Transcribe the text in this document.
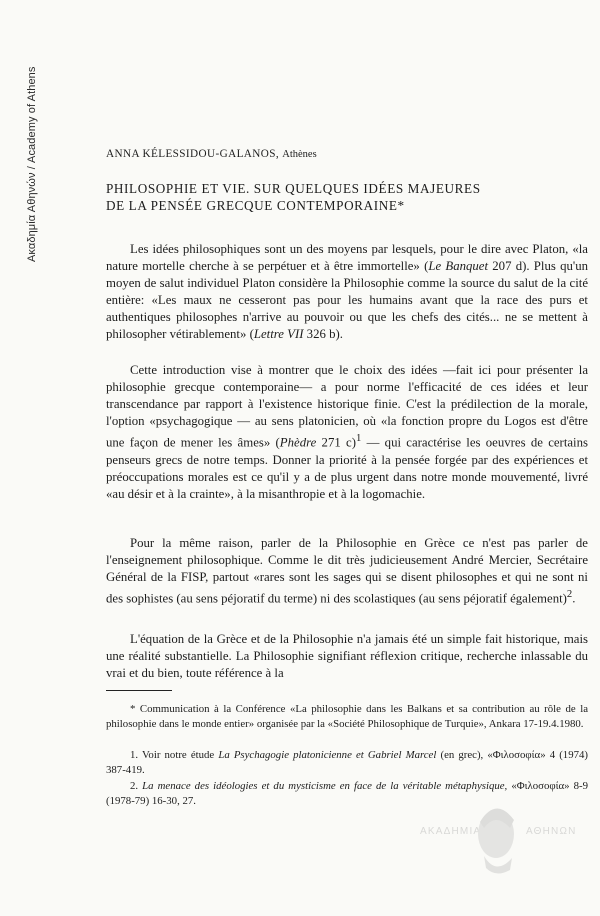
Ακαδημία Αθηνών / Academy of Athens	ANNA KÉLESSIDOU-GALANOS, Athènes
PHILOSOPHIE ET VIE. SUR QUELQUES IDÉES MAJEURES
DE LA PENSÉE GRECQUE CONTEMPORAINE*

Les idées philosophiques sont un des moyens par lesquels, pour le dire avec Platon, «la nature mortelle cherche à se perpétuer et à être immortelle» (Le Banquet 207 d). Plus qu'un moyen de salut individuel Platon considère la Philosophie comme la source du salut de la cité entière: «Les maux ne cesseront pas pour les humains avant que la race des purs et authentiques philosophes n'arrive au pouvoir ou que les chefs des cités... ne se mettent à philosopher vétirablement» (Lettre VII 326 b).

Cette introduction vise à montrer que le choix des idées —fait ici pour présenter la philosophie grecque contemporaine— a pour norme l'efficacité de ces idées et leur transcendance par rapport à l'existence historique finie. C'est la prédilection de la morale, l'option «psychagogique — au sens platonicien, où «la fonction propre du Logos est d'être une façon de mener les âmes» (Phèdre 271 c)$^1$ — qui caractérise les oeuvres de certains penseurs grecs de notre temps. Donner la priorité à la pensée forgée par des expériences et préoccupations morales est ce qu'il y a de plus urgent dans notre monde mouvementé, livré «au désir et à la crainte», à la misanthropie et à la logomachie.

Pour la même raison, parler de la Philosophie en Grèce ce n'est pas parler de l'enseignement philosophique. Comme le dit très judicieusement André Mercier, Secrétaire Général de la FISP, partout «rares sont les sages qui se disent philosophes et qui ne sont ni des sophistes (au sens péjoratif du terme) ni des scolastiques (au sens péjoratif également)$^2$.

L'équation de la Grèce et de la Philosophie n'a jamais été un simple fait historique, mais une réalité substantielle. La Philosophie signifiant réflexion critique, recherche inlassable du vrai et du bien, toute référence à la

* Communication à la Conférence «La philosophie dans les Balkans et sa contribution au rôle de la philosophie dans le monde entier» organisée par la «Société Philosophique de Turquie», Ankara 17-19.4.1980.

1. Voir notre étude La Psychagogie platonicienne et Gabriel Marcel (en grec), «Φιλοσοφία» 4 (1974) 387-419.

2. La menace des idéologies et du mysticisme en face de la véritable métaphysique, «Φιλοσοφία» 8-9 (1978-79) 16-30, 27.

ΑΚΑΔΗΜΙΑ	ΑΘΗΝΩΝ
